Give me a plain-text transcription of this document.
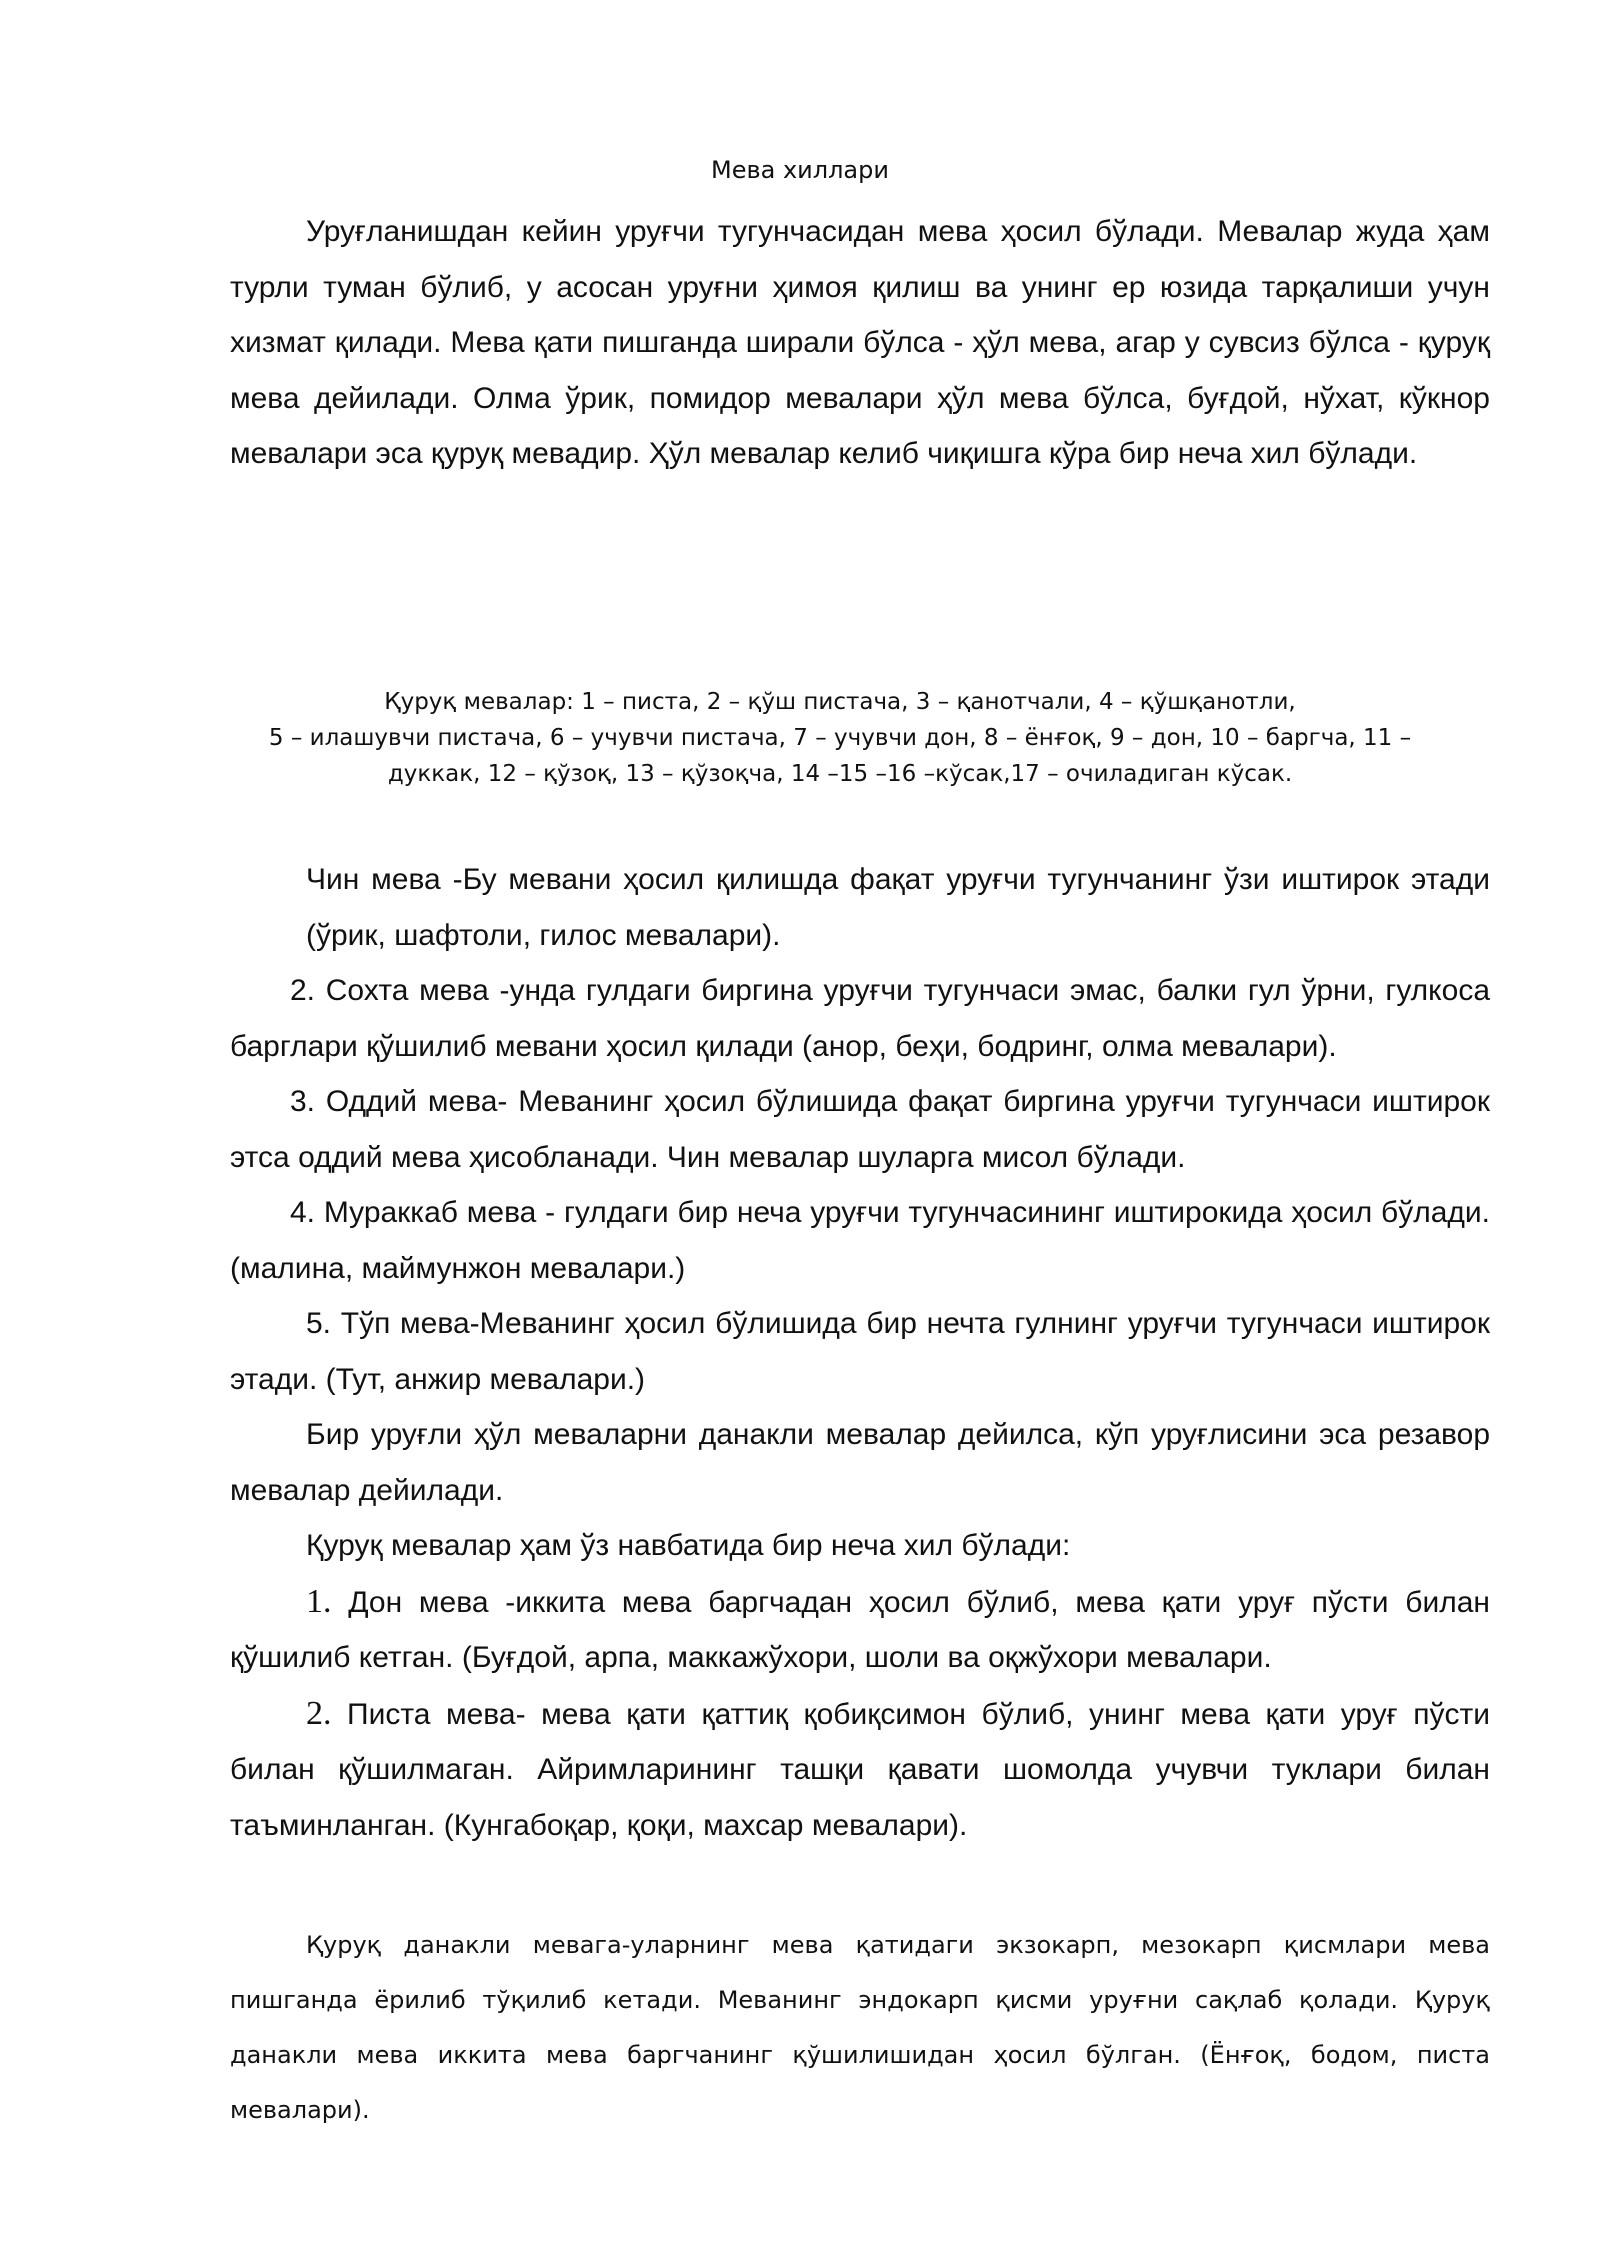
Мева хиллари

Уруғланишдан кейин уруғчи тугунчасидан мева ҳосил бўлади. Мевалар жуда ҳам турли туман бўлиб, у асосан уруғни ҳимоя қилиш ва унинг ер юзида тарқалиши учун хизмат қилади. Мева қати пишганда ширали бўлса - ҳўл мева, агар у сувсиз бўлса - қуруқ мева дейилади. Олма ўрик, помидор мевалари ҳўл мева бўлса, буғдой, нўхат, кўкнор мевалари эса қуруқ мевадир. Ҳўл мевалар келиб чиқишга кўра бир неча хил бўлади.

Қуруқ мевалар: 1 – писта, 2 – қўш пистача, 3 – қанотчали, 4 – қўшқанотли,
5 – илашувчи пистача, 6 – учувчи пистача, 7 – учувчи дон, 8 – ёнғоқ, 9 – дон, 10 – баргча, 11 –
дуккак, 12 – қўзоқ, 13 – қўзоқча, 14 –15 –16 –кўсак,17 – очиладиган кўсак.

Чин мева -Бу мевани ҳосил қилишда фақат уруғчи тугунчанинг ўзи иштирок этади (ўрик, шафтоли, гилос мевалари).

2. Сохта мева -унда гулдаги биргина уруғчи тугунчаси эмас, балки гул ўрни, гулкоса барглари қўшилиб мевани ҳосил қилади (анор, беҳи, бодринг, олма мевалари).

3. Оддий мева- Меванинг ҳосил бўлишида фақат биргина уруғчи тугунчаси иштирок этса оддий мева ҳисобланади. Чин мевалар шуларга мисол бўлади.

4. Мураккаб мева - гулдаги бир неча уруғчи тугунчасининг иштирокида ҳосил бўлади. (малина, маймунжон мевалари.)

5. Тўп мева-Меванинг ҳосил бўлишида бир нечта гулнинг уруғчи тугунчаси иштирок этади. (Тут, анжир мевалари.)

Бир уруғли ҳўл меваларни данакли мевалар дейилса, кўп уруғлисини эса резавор мевалар дейилади.

Қуруқ мевалар ҳам ўз навбатида бир неча хил бўлади:

1. Дон мева -иккита мева баргчадан ҳосил бўлиб, мева қати уруғ пўсти билан қўшилиб кетган. (Буғдой, арпа, маккажўхори, шоли ва оқжўхори мевалари.

2. Писта мева- мева қати қаттиқ қобиқсимон бўлиб, унинг мева қати уруғ пўсти билан қўшилмаган. Айримларининг ташқи қавати шомолда учувчи туклари билан таъминланган. (Кунгабоқар, қоқи, махсар мевалари).

Қуруқ данакли мевага-уларнинг мева қатидаги экзокарп, мезокарп қисмлари мева пишганда ёрилиб тўқилиб кетади. Меванинг эндокарп қисми уруғни сақлаб қолади. Қуруқ данакли мева иккита мева баргчанинг қўшилишидан ҳосил бўлган. (Ёнғоқ, бодом, писта мевалари).
